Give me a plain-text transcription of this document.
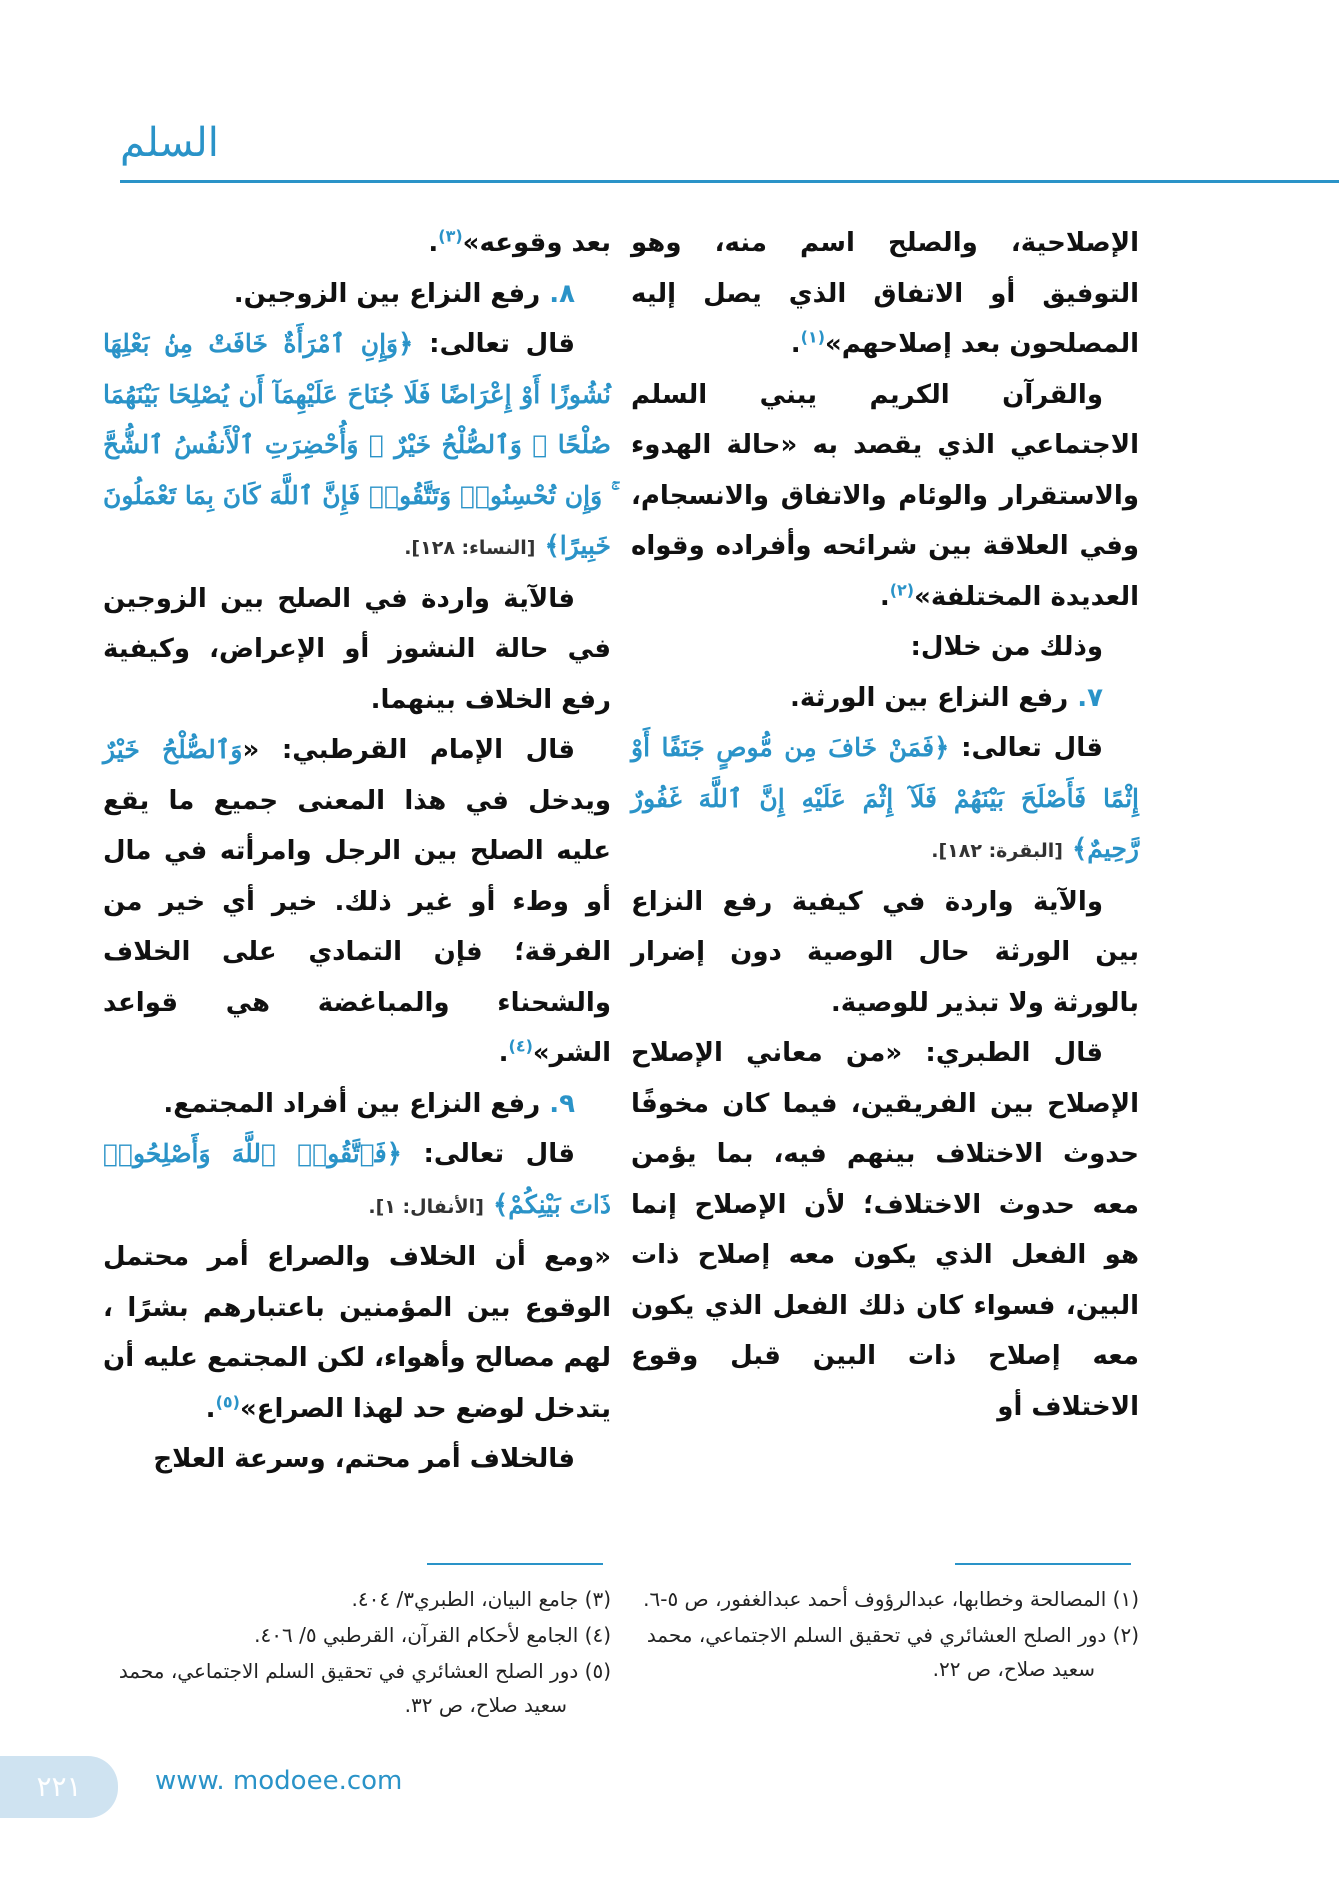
السلم

الإصلاحية، والصلح اسم منه، وهو التوفيق أو الاتفاق الذي يصل إليه المصلحون بعد إصلاحهم»$^{(١)}$.

والقرآن الكريم يبني السلم الاجتماعي الذي يقصد به «حالة الهدوء والاستقرار والوئام والاتفاق والانسجام، وفي العلاقة بين شرائحه وأفراده وقواه العديدة المختلفة»$^{(٢)}$.

وذلك من خلال:

٧. رفع النزاع بين الورثة.

قال تعالى: ﴿فَمَنْ خَافَ مِن مُّوصٍ جَنَفًا أَوْ إِثْمًا فَأَصْلَحَ بَيْنَهُمْ فَلَآ إِثْمَ عَلَيْهِ إِنَّ ٱللَّهَ غَفُورٌ رَّحِيمٌ﴾ [البقرة: ١٨٢].

والآية واردة في كيفية رفع النزاع بين الورثة حال الوصية دون إضرار بالورثة ولا تبذير للوصية.

قال الطبري: «من معاني الإصلاح الإصلاح بين الفريقين، فيما كان مخوفًا حدوث الاختلاف بينهم فيه، بما يؤمن معه حدوث الاختلاف؛ لأن الإصلاح إنما هو الفعل الذي يكون معه إصلاح ذات البين، فسواء كان ذلك الفعل الذي يكون معه إصلاح ذات البين قبل وقوع الاختلاف أو

بعد وقوعه»$^{(٣)}$.

٨. رفع النزاع بين الزوجين.

قال تعالى: ﴿وَإِنِ ٱمْرَأَةٌ خَافَتْ مِنۢ بَعْلِهَا نُشُوزًا أَوْ إِعْرَاضًا فَلَا جُنَاحَ عَلَيْهِمَآ أَن يُصْلِحَا بَيْنَهُمَا صُلْحًا ۚ وَٱلصُّلْحُ خَيْرٌ ۗ وَأُحْضِرَتِ ٱلْأَنفُسُ ٱلشُّحَّ ۚ وَإِن تُحْسِنُوا۟ وَتَتَّقُوا۟ فَإِنَّ ٱللَّهَ كَانَ بِمَا تَعْمَلُونَ خَبِيرًا﴾ [النساء: ١٢٨].

فالآية واردة في الصلح بين الزوجين في حالة النشوز أو الإعراض، وكيفية رفع الخلاف بينهما.

قال الإمام القرطبي: «وَٱلصُّلْحُ خَيْرٌ ويدخل في هذا المعنى جميع ما يقع عليه الصلح بين الرجل وامرأته في مال أو وطء أو غير ذلك. خير أي خير من الفرقة؛ فإن التمادي على الخلاف والشحناء والمباغضة هي قواعد الشر»$^{(٤)}$.

٩. رفع النزاع بين أفراد المجتمع.

قال تعالى: ﴿فَٱتَّقُوا۟ ٱللَّهَ وَأَصْلِحُوا۟ ذَاتَ بَيْنِكُمْ﴾ [الأنفال: ١].

«ومع أن الخلاف والصراع أمر محتمل الوقوع بين المؤمنين باعتبارهم بشرًا ، لهم مصالح وأهواء، لكن المجتمع عليه أن يتدخل لوضع حد لهذا الصراع»$^{(٥)}$.

فالخلاف أمر محتم، وسرعة العلاج

(١) المصالحة وخطابها، عبدالرؤوف أحمد عبدالغفور، ص ٥-٦.
(٢) دور الصلح العشائري في تحقيق السلم الاجتماعي، محمد سعيد صلاح، ص ٢٢.
(٣) جامع البيان، الطبري٣/ ٤٠٤.
(٤) الجامع لأحكام القرآن، القرطبي ٥/ ٤٠٦.
(٥) دور الصلح العشائري في تحقيق السلم الاجتماعي، محمد سعيد صلاح، ص ٣٢.
٢٢١	www. modoee.com
